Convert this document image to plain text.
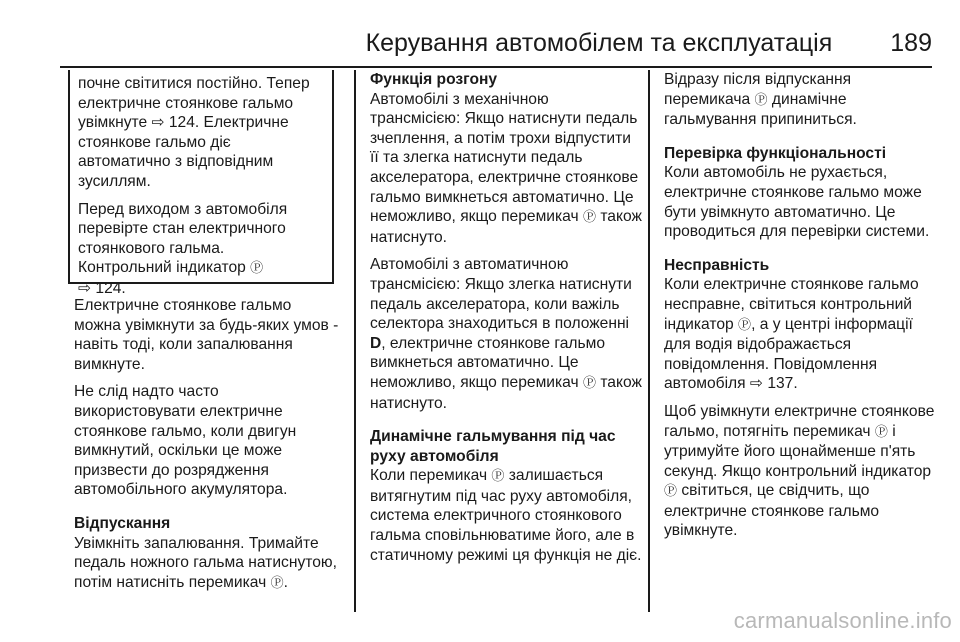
Керування автомобілем та експлуатація 189

почне світитися постійно. Тепер електричне стоянкове гальмо увімкнуте ⇨ 124. Електричне стоянкове гальмо діє автоматично з відповідним зусиллям.

Перед виходом з автомобіля перевірте стан електричного стоянкового гальма.
Контрольний індикатор Ⓟ
⇨ 124.

Електричне стоянкове гальмо можна увімкнути за будь-яких умов - навіть тоді, коли запалювання вимкнуте.

Не слід надто часто використовувати електричне стоянкове гальмо, коли двигун вимкнутий, оскільки це може призвести до розрядження автомобільного акумулятора.

Відпускання

Увімкніть запалювання. Тримайте педаль ножного гальма натиснутою, потім натисніть перемикач Ⓟ.

Функція розгону

Автомобілі з механічною трансмісією: Якщо натиснути педаль зчеплення, а потім трохи відпустити її та злегка натиснути педаль акселератора, електричне стоянкове гальмо вимкнеться автоматично. Це неможливо, якщо перемикач Ⓟ також натиснуто.

Автомобілі з автоматичною трансмісією: Якщо злегка натиснути педаль акселератора, коли важіль селектора знаходиться в положенні D, електричне стоянкове гальмо вимкнеться автоматично. Це неможливо, якщо перемикач Ⓟ також натиснуто.

Динамічне гальмування під час руху автомобіля

Коли перемикач Ⓟ залишається витягнутим під час руху автомобіля, система електричного стоянкового гальма сповільнюватиме його, але в статичному режимі ця функція не діє.

Відразу після відпускання перемикача Ⓟ динамічне гальмування припиниться.

Перевірка функціональності

Коли автомобіль не рухається, електричне стоянкове гальмо може бути увімкнуто автоматично. Це проводиться для перевірки системи.

Несправність

Коли електричне стоянкове гальмо несправне, світиться контрольний індикатор Ⓟ, а у центрі інформації для водія відображається повідомлення. Повідомлення автомобіля ⇨ 137.

Щоб увімкнути електричне стоянкове гальмо, потягніть перемикач Ⓟ і утримуйте його щонайменше п'ять секунд. Якщо контрольний індикатор Ⓟ світиться, це свідчить, що електричне стоянкове гальмо увімкнуте.

carmanualsonline.info
